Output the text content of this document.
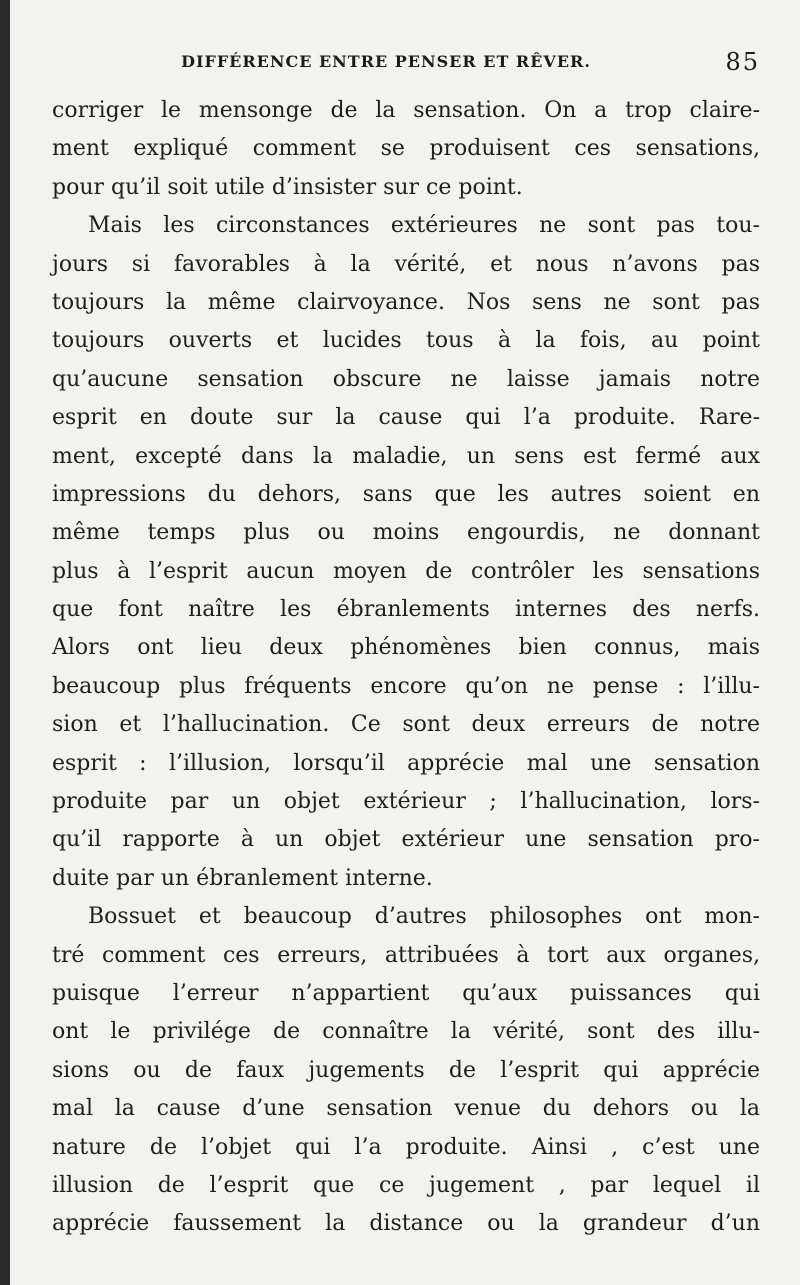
DIFFÉRENCE ENTRE PENSER ET RÊVER.	85
corriger le mensonge de la sensation. On a trop claire-
ment expliqué comment se produisent ces sensations,
pour qu’il soit utile d’insister sur ce point.
Mais les circonstances extérieures ne sont pas tou-
jours si favorables à la vérité, et nous n’avons pas
toujours la même clairvoyance. Nos sens ne sont pas
toujours ouverts et lucides tous à la fois, au point
qu’aucune sensation obscure ne laisse jamais notre
esprit en doute sur la cause qui l’a produite. Rare-
ment, excepté dans la maladie, un sens est fermé aux
impressions du dehors, sans que les autres soient en
même temps plus ou moins engourdis, ne donnant
plus à l’esprit aucun moyen de contrôler les sensations
que font naître les ébranlements internes des nerfs.
Alors ont lieu deux phénomènes bien connus, mais
beaucoup plus fréquents encore qu’on ne pense : l’illu-
sion et l’hallucination. Ce sont deux erreurs de notre
esprit : l’illusion, lorsqu’il apprécie mal une sensation
produite par un objet extérieur ; l’hallucination, lors-
qu’il rapporte à un objet extérieur une sensation pro-
duite par un ébranlement interne.
Bossuet et beaucoup d’autres philosophes ont mon-
tré comment ces erreurs, attribuées à tort aux organes,
puisque l’erreur n’appartient qu’aux puissances qui
ont le privilége de connaître la vérité, sont des illu-
sions ou de faux jugements de l’esprit qui apprécie
mal la cause d’une sensation venue du dehors ou la
nature de l’objet qui l’a produite. Ainsi , c’est une
illusion de l’esprit que ce jugement , par lequel il
apprécie faussement la distance ou la grandeur d’un
